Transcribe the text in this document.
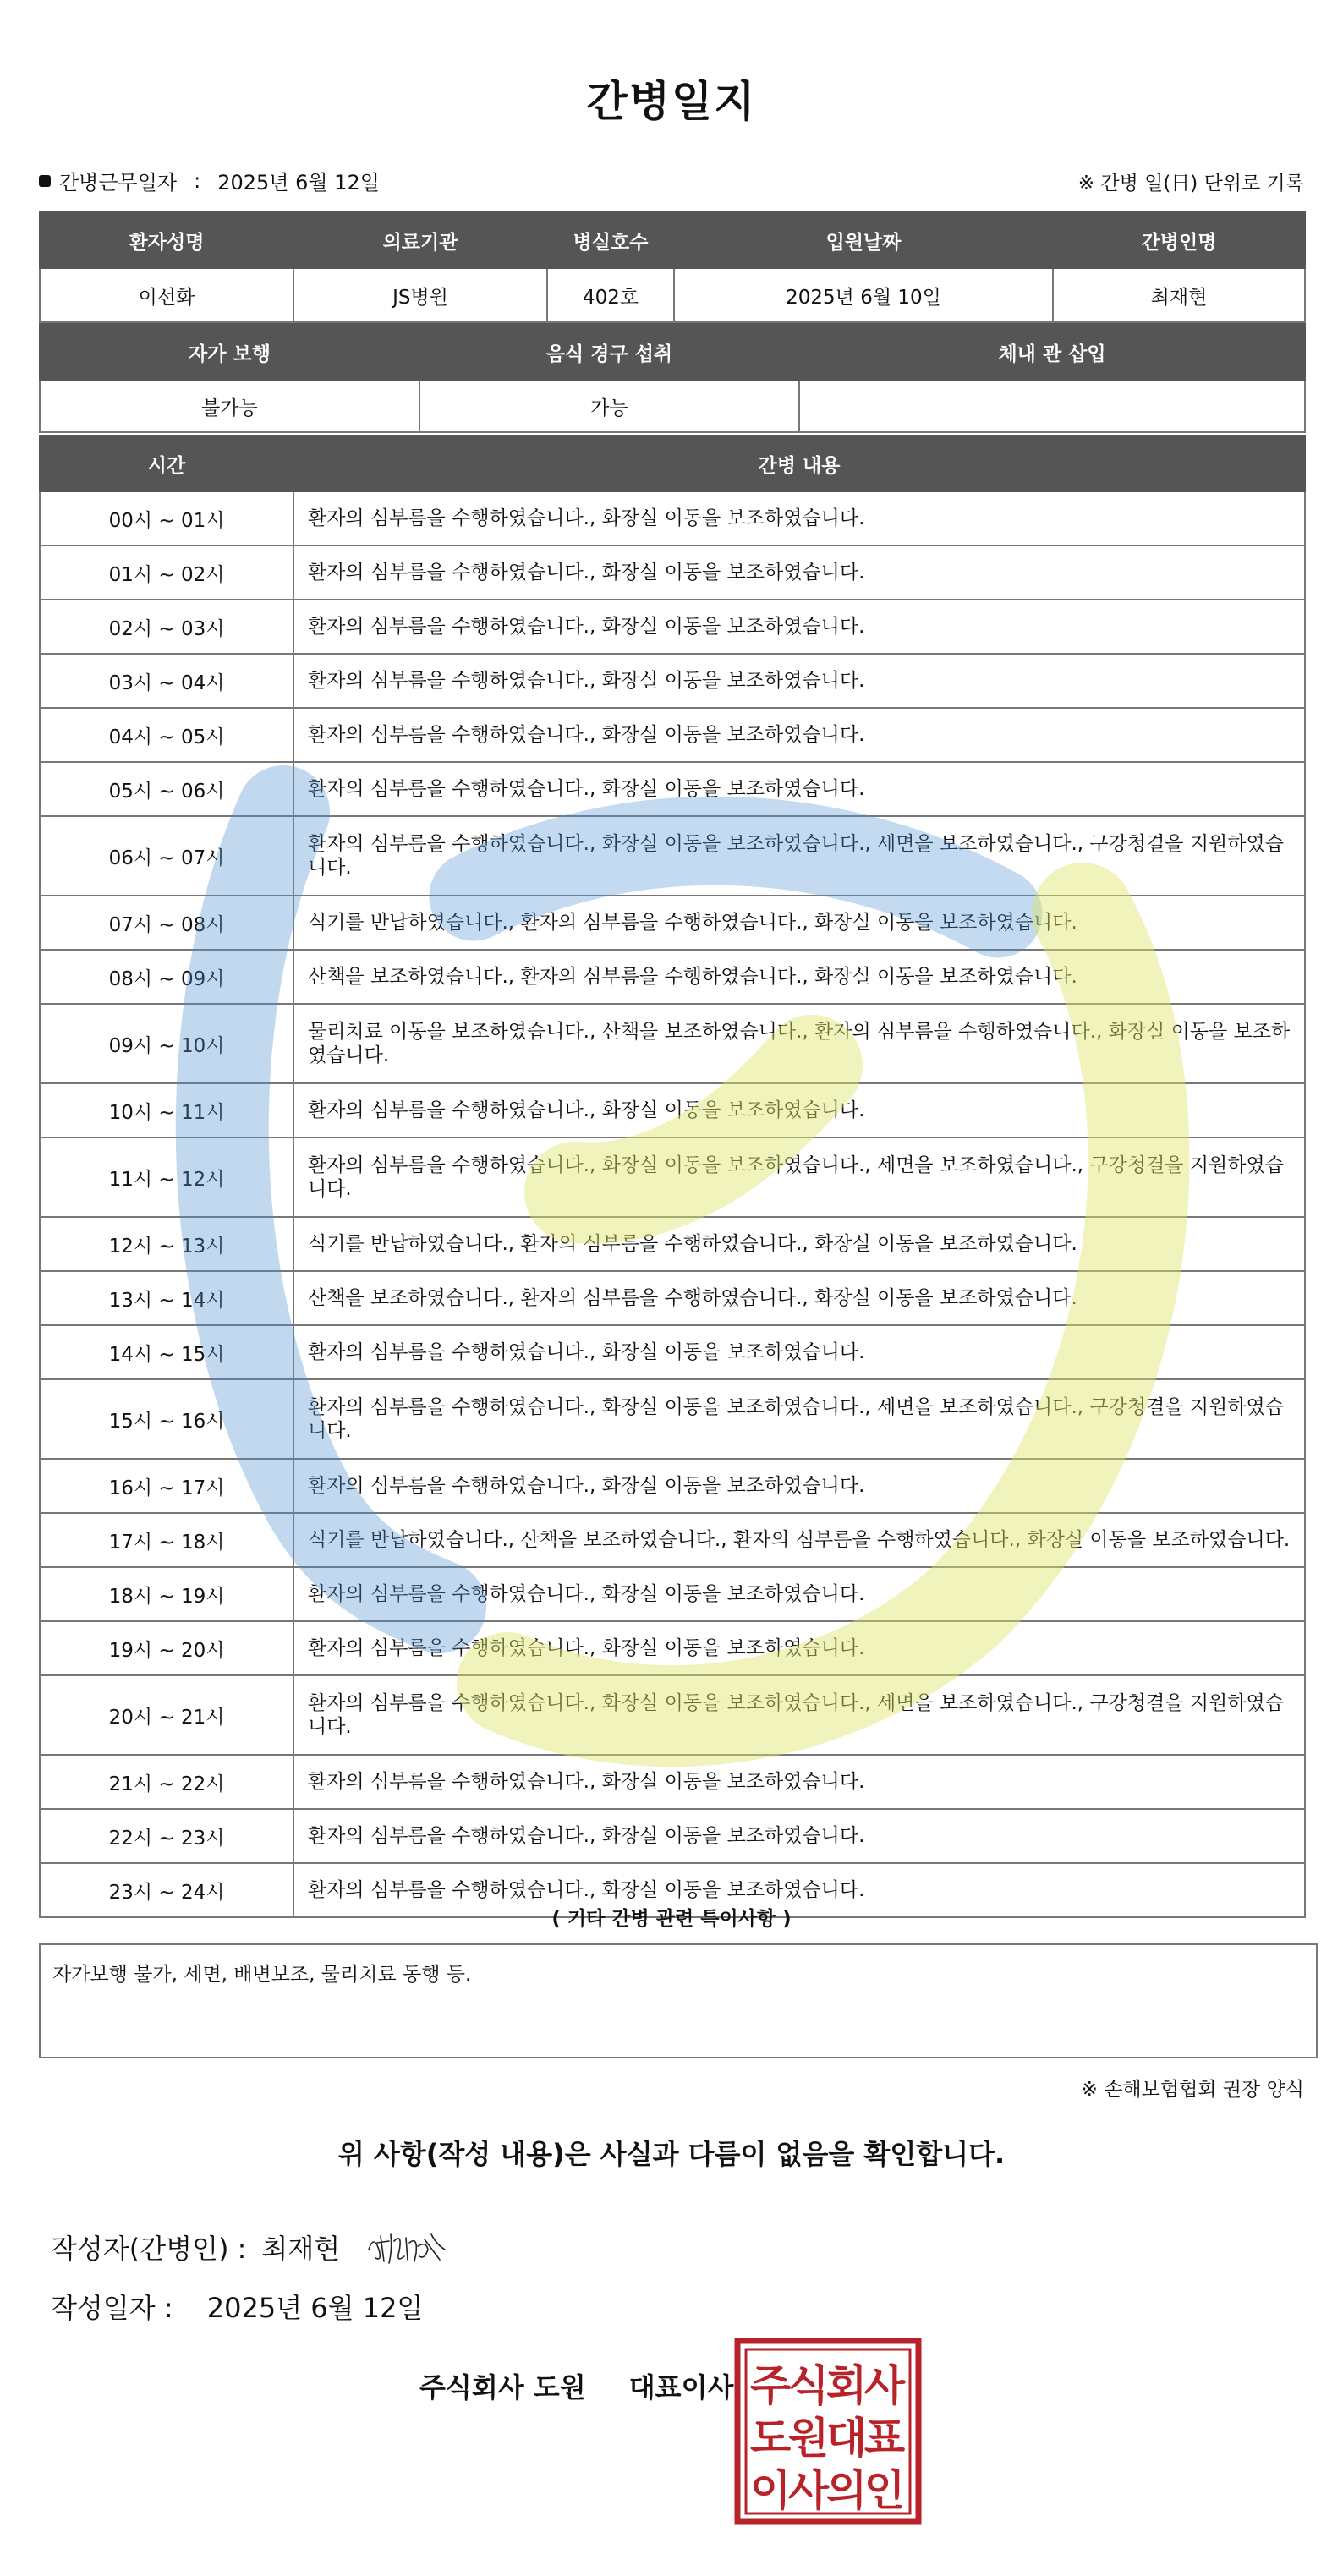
간병일지
간병근무일자 : 2025년 6월 12일	※ 간병 일(日) 단위로 기록
환자성명	의료기관	병실호수	입원날짜	간병인명
이선화	JS병원	402호	2025년 6월 10일	최재현
자가 보행	음식 경구 섭취	체내 관 삽입
불가능	가능	
시간	간병 내용
00시 ~ 01시	환자의 심부름을 수행하였습니다., 화장실 이동을 보조하였습니다.
01시 ~ 02시	환자의 심부름을 수행하였습니다., 화장실 이동을 보조하였습니다.
02시 ~ 03시	환자의 심부름을 수행하였습니다., 화장실 이동을 보조하였습니다.
03시 ~ 04시	환자의 심부름을 수행하였습니다., 화장실 이동을 보조하였습니다.
04시 ~ 05시	환자의 심부름을 수행하였습니다., 화장실 이동을 보조하였습니다.
05시 ~ 06시	환자의 심부름을 수행하였습니다., 화장실 이동을 보조하였습니다.
06시 ~ 07시	환자의 심부름을 수행하였습니다., 화장실 이동을 보조하였습니다., 세면을 보조하였습니다., 구강청결을 지원하였습니다.
07시 ~ 08시	식기를 반납하였습니다., 환자의 심부름을 수행하였습니다., 화장실 이동을 보조하였습니다.
08시 ~ 09시	산책을 보조하였습니다., 환자의 심부름을 수행하였습니다., 화장실 이동을 보조하였습니다.
09시 ~ 10시	물리치료 이동을 보조하였습니다., 산책을 보조하였습니다., 환자의 심부름을 수행하였습니다., 화장실 이동을 보조하였습니다.
10시 ~ 11시	환자의 심부름을 수행하였습니다., 화장실 이동을 보조하였습니다.
11시 ~ 12시	환자의 심부름을 수행하였습니다., 화장실 이동을 보조하였습니다., 세면을 보조하였습니다., 구강청결을 지원하였습니다.
12시 ~ 13시	식기를 반납하였습니다., 환자의 심부름을 수행하였습니다., 화장실 이동을 보조하였습니다.
13시 ~ 14시	산책을 보조하였습니다., 환자의 심부름을 수행하였습니다., 화장실 이동을 보조하였습니다.
14시 ~ 15시	환자의 심부름을 수행하였습니다., 화장실 이동을 보조하였습니다.
15시 ~ 16시	환자의 심부름을 수행하였습니다., 화장실 이동을 보조하였습니다., 세면을 보조하였습니다., 구강청결을 지원하였습니다.
16시 ~ 17시	환자의 심부름을 수행하였습니다., 화장실 이동을 보조하였습니다.
17시 ~ 18시	식기를 반납하였습니다., 산책을 보조하였습니다., 환자의 심부름을 수행하였습니다., 화장실 이동을 보조하였습니다.
18시 ~ 19시	환자의 심부름을 수행하였습니다., 화장실 이동을 보조하였습니다.
19시 ~ 20시	환자의 심부름을 수행하였습니다., 화장실 이동을 보조하였습니다.
20시 ~ 21시	환자의 심부름을 수행하였습니다., 화장실 이동을 보조하였습니다., 세면을 보조하였습니다., 구강청결을 지원하였습니다.
21시 ~ 22시	환자의 심부름을 수행하였습니다., 화장실 이동을 보조하였습니다.
22시 ~ 23시	환자의 심부름을 수행하였습니다., 화장실 이동을 보조하였습니다.
23시 ~ 24시	환자의 심부름을 수행하였습니다., 화장실 이동을 보조하였습니다.
( 기타 간병 관련 특이사항 )
자가보행 불가, 세면, 배변보조, 물리치료 동행 등.
※ 손해보험협회 권장 양식
위 사항(작성 내용)은 사실과 다름이 없음을 확인합니다.
작성자(간병인) : 최재현
작성일자 : 2025년 6월 12일
주식회사 도원 대표이사 주
식
회
사
도
원
대
표
이
사
의
인
